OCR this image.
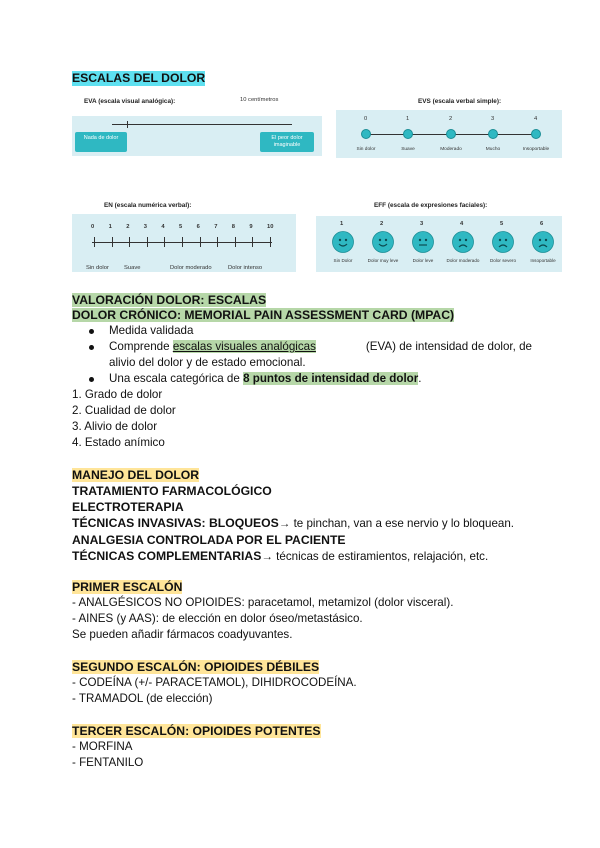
ESCALAS DEL DOLOR
EVA (escala visual analógica):	10 centímetros
Nada de dolor	El peor dolor imaginable
EVS (escala verbal simple):
0
Sin dolor
1
Suave
2
Moderado
3
Mucho
4
Insoportable
EN (escala numérica verbal):
0 1 2 3 4 5 6 7 8 9 10
Sin dolor	Suave	Dolor moderado	Dolor intenso
EFF (escala de expresiones faciales):
1
Sin Dolor
2
Dolor muy leve
3
Dolor leve
4
Dolor moderado
5
Dolor severo
6
Insoportable
VALORACIÓN DOLOR: ESCALAS
DOLOR CRÓNICO: MEMORIAL PAIN ASSESSMENT CARD (MPAC)
Medida validada
Comprende escalas visuales analógicas	(EVA) de intensidad de dolor, de
alivio del dolor y de estado emocional.
Una escala categórica de 8 puntos de intensidad de dolor.
1. Grado de dolor
2. Cualidad de dolor
3. Alivio de dolor
4. Estado anímico
MANEJO DEL DOLOR
TRATAMIENTO FARMACOLÓGICO
ELECTROTERAPIA
TÉCNICAS INVASIVAS: BLOQUEOS→ te pinchan, van a ese nervio y lo bloquean.
ANALGESIA CONTROLADA POR EL PACIENTE
TÉCNICAS COMPLEMENTARIAS→ técnicas de estiramientos, relajación, etc.
PRIMER ESCALÓN
- ANALGÉSICOS NO OPIOIDES: paracetamol, metamizol (dolor visceral).
- AINES (y AAS): de elección en dolor óseo/metastásico.
Se pueden añadir fármacos coadyuvantes.
SEGUNDO ESCALÓN: OPIOIDES DÉBILES
- CODEÍNA (+/- PARACETAMOL), DIHIDROCODEÍNA.
- TRAMADOL (de elección)
TERCER ESCALÓN: OPIOIDES POTENTES
- MORFINA
- FENTANILO
